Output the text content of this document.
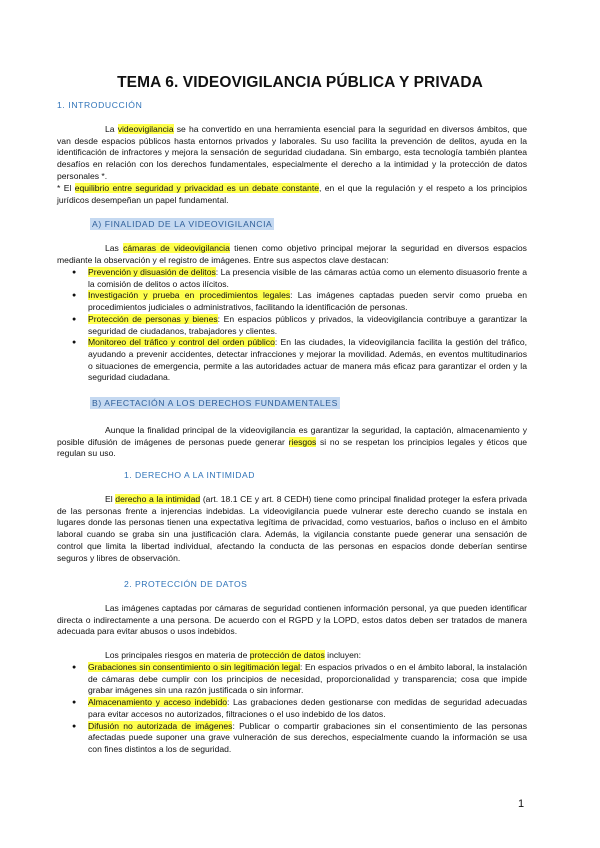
TEMA 6. VIDEOVIGILANCIA PÚBLICA Y PRIVADA
1. INTRODUCCIÓN
La videovigilancia se ha convertido en una herramienta esencial para la seguridad en diversos ámbitos, que van desde espacios públicos hasta entornos privados y laborales. Su uso facilita la prevención de delitos, ayuda en la identificación de infractores y mejora la sensación de seguridad ciudadana. Sin embargo, esta tecnología también plantea desafíos en relación con los derechos fundamentales, especialmente el derecho a la intimidad y la protección de datos personales *.
* El equilibrio entre seguridad y privacidad es un debate constante, en el que la regulación y el respeto a los principios jurídicos desempeñan un papel fundamental.
A) FINALIDAD DE LA VIDEOVIGILANCIA
Las cámaras de videovigilancia tienen como objetivo principal mejorar la seguridad en diversos espacios mediante la observación y el registro de imágenes. Entre sus aspectos clave destacan:
● Prevención y disuasión de delitos: La presencia visible de las cámaras actúa como un elemento disuasorio frente a la comisión de delitos o actos ilícitos.
● Investigación y prueba en procedimientos legales: Las imágenes captadas pueden servir como prueba en procedimientos judiciales o administrativos, facilitando la identificación de personas.
● Protección de personas y bienes: En espacios públicos y privados, la videovigilancia contribuye a garantizar la seguridad de ciudadanos, trabajadores y clientes.
● Monitoreo del tráfico y control del orden público: En las ciudades, la videovigilancia facilita la gestión del tráfico, ayudando a prevenir accidentes, detectar infracciones y mejorar la movilidad. Además, en eventos multitudinarios o situaciones de emergencia, permite a las autoridades actuar de manera más eficaz para garantizar el orden y la seguridad ciudadana.
B) AFECTACIÓN A LOS DERECHOS FUNDAMENTALES
Aunque la finalidad principal de la videovigilancia es garantizar la seguridad, la captación, almacenamiento y posible difusión de imágenes de personas puede generar riesgos si no se respetan los principios legales y éticos que regulan su uso.
1. DERECHO A LA INTIMIDAD
El derecho a la intimidad (art. 18.1 CE y art. 8 CEDH) tiene como principal finalidad proteger la esfera privada de las personas frente a injerencias indebidas. La videovigilancia puede vulnerar este derecho cuando se instala en lugares donde las personas tienen una expectativa legítima de privacidad, como vestuarios, baños o incluso en el ámbito laboral cuando se graba sin una justificación clara. Además, la vigilancia constante puede generar una sensación de control que limita la libertad individual, afectando la conducta de las personas en espacios donde deberían sentirse seguros y libres de observación.
2. PROTECCIÓN DE DATOS
Las imágenes captadas por cámaras de seguridad contienen información personal, ya que pueden identificar directa o indirectamente a una persona. De acuerdo con el RGPD y la LOPD, estos datos deben ser tratados de manera adecuada para evitar abusos o usos indebidos.
Los principales riesgos en materia de protección de datos incluyen:
● Grabaciones sin consentimiento o sin legitimación legal: En espacios privados o en el ámbito laboral, la instalación de cámaras debe cumplir con los principios de necesidad, proporcionalidad y transparencia; cosa que impide grabar imágenes sin una razón justificada o sin informar.
● Almacenamiento y acceso indebido: Las grabaciones deden gestionarse con medidas de seguridad adecuadas para evitar accesos no autorizados, filtraciones o el uso indebido de los datos.
● Difusión no autorizada de imágenes: Publicar o compartir grabaciones sin el consentimiento de las personas afectadas puede suponer una grave vulneración de sus derechos, especialmente cuando la información se usa con fines distintos a los de seguridad.
1
